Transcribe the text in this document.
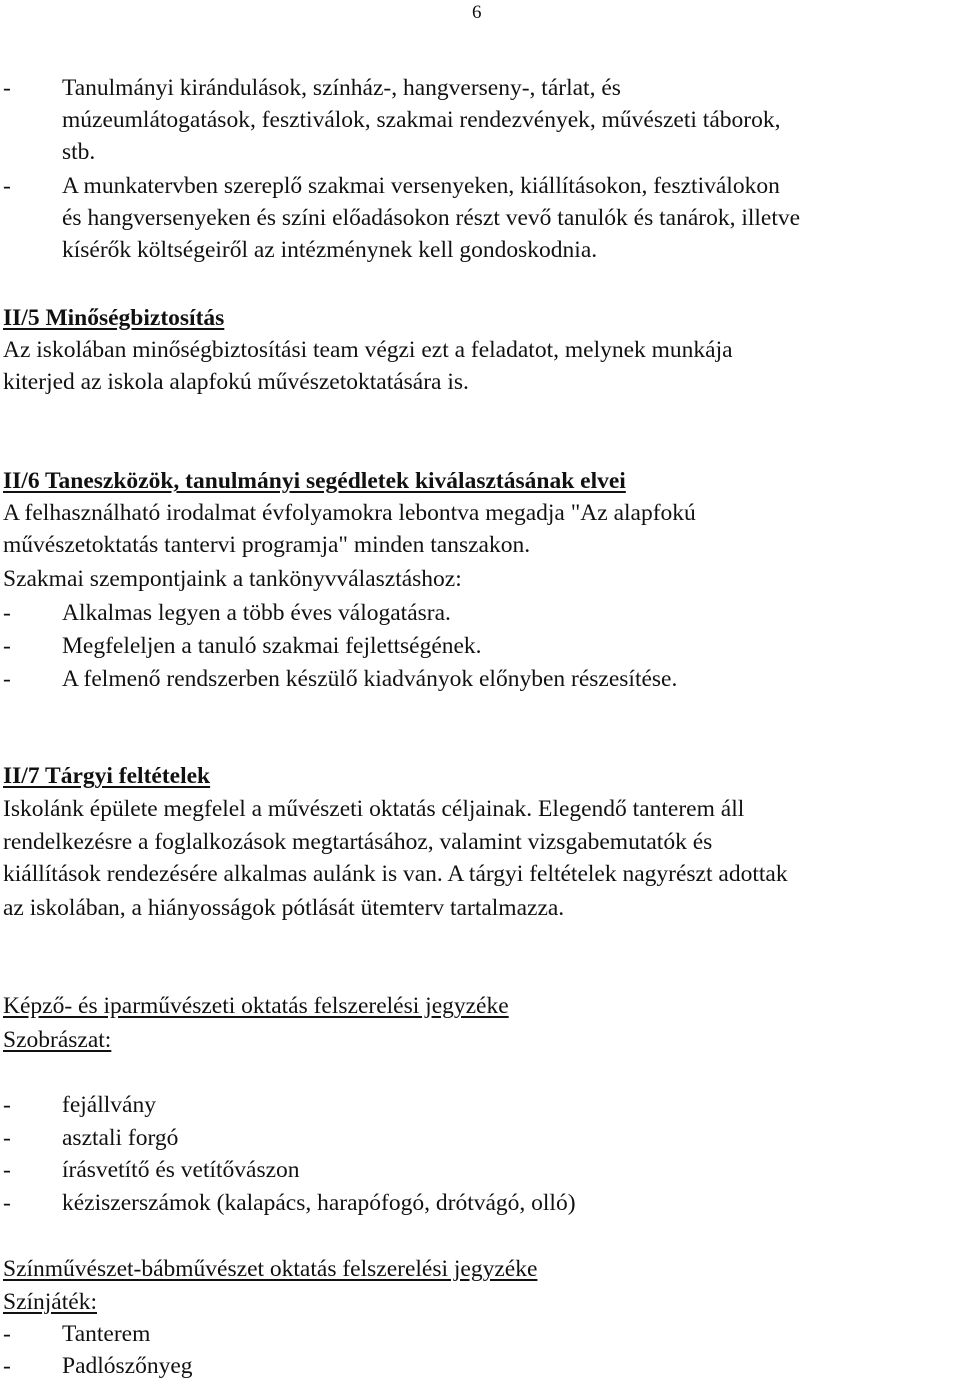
6
- Tanulmányi kirándulások, színház-, hangverseny-, tárlat, és
múzeumlátogatások, fesztiválok, szakmai rendezvények, művészeti táborok,
stb.
- A munkatervben szereplő szakmai versenyeken, kiállításokon, fesztiválokon
és hangversenyeken és színi előadásokon részt vevő tanulók és tanárok, illetve
kísérők költségeiről az intézménynek kell gondoskodnia.
II/5 Minőségbiztosítás
Az iskolában minőségbiztosítási team végzi ezt a feladatot, melynek munkája
kiterjed az iskola alapfokú művészetoktatására is.
II/6 Taneszközök, tanulmányi segédletek kiválasztásának elvei
A felhasználható irodalmat évfolyamokra lebontva megadja "Az alapfokú
művészetoktatás tantervi programja" minden tanszakon.
Szakmai szempontjaink a tankönyvválasztáshoz:
- Alkalmas legyen a több éves válogatásra.
- Megfeleljen a tanuló szakmai fejlettségének.
- A felmenő rendszerben készülő kiadványok előnyben részesítése.
II/7 Tárgyi feltételek
Iskolánk épülete megfelel a művészeti oktatás céljainak. Elegendő tanterem áll
rendelkezésre a foglalkozások megtartásához, valamint vizsgabemutatók és
kiállítások rendezésére alkalmas aulánk is van. A tárgyi feltételek nagyrészt adottak
az iskolában, a hiányosságok pótlását ütemterv tartalmazza.
Képző- és iparművészeti oktatás felszerelési jegyzéke
Szobrászat:
- fejállvány
- asztali forgó
- írásvetítő és vetítővászon
- kéziszerszámok (kalapács, harapófogó, drótvágó, olló)
Színművészet-bábművészet oktatás felszerelési jegyzéke
Színjáték:
- Tanterem
- Padlószőnyeg
